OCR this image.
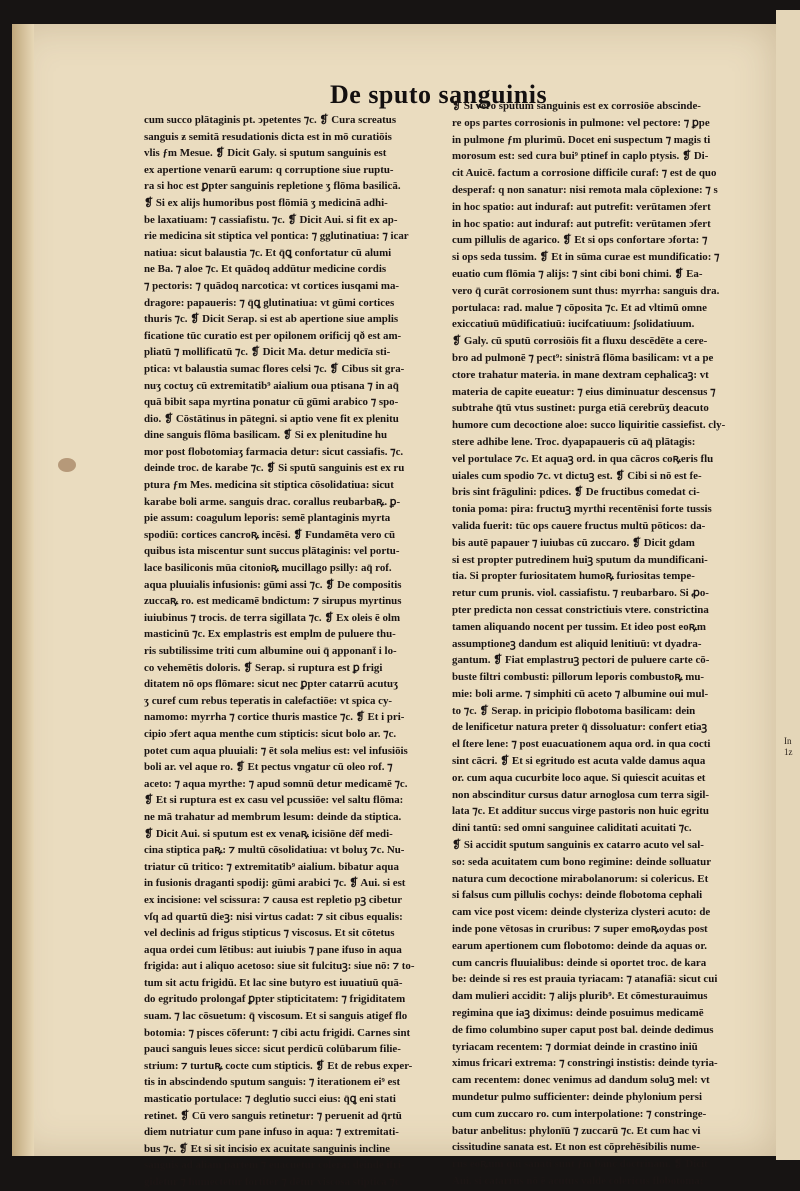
In 1z
De sputo sanguinis
cum succo plātaginis pt. ↄpetentes ⁊c. ❡ Cura screatus
sanguis ƶ semitā resudationis dicta est in mō curatiōis
vlis ƒm Mesue. ❡ Dicit Galy. si sputum sanguinis est
ex apertione venarū earum: q corruptione siue ruptu-
ra si hoc est ꝑpter sanguinis repletione ʒ flōma basilicā.
❡ Si ex alijs humoribus post flōmiā ʒ medicinā adhi-
be laxatiuam: ⁊ cassiafistu. ⁊c. ❡ Dicit Aui. si fit ex ap-
rie medicina sit stiptica vel pontica: ⁊ gglutinatiua: ⁊ icar
natiua: sicut balaustia ⁊c. Et q̄ꝗ confortatur cū alumi
ne Ba. ⁊ aloe ⁊c. Et quādoq addūtur medicine cordis
⁊ pectoris: ⁊ quādoq narcotica: vt cortices iusqami ma-
dragore: papaueris: ⁊ q̄ꝗ glutinatiua: vt gūmi cortices
thuris ⁊c. ❡ Dicit Serap. si est ab apertione siue amplis
ficatione tūc curatio est per opilonem orificij qð est am-
pliatū ⁊ mollificatū ⁊c. ❡ Dicit Ma. detur medicīa sti-
ptica: vt balaustia sumac flores celsi ⁊c. ❡ Cibus sit gra-
nuʒ coctuʒ cū extremitatib⁹ aialium oua ptisana ⁊ in aq̄
quā bibit sapa myrtina ponatur cū gūmi arabico ⁊ spo-
dio. ❡ Cōstātinus in pātegni. si aptio vene fit ex plenitu
dine sanguis flōma basilicam. ❡ Si ex plenitudine hu
mor post flobotomiaʒ farmacia detur: sicut cassiafis. ⁊c.
deinde troc. de karabe ⁊c. ❡ Si sputū sanguinis est ex ru
ptura ƒm Mes. medicina sit stiptica cōsolidatiua: sicut
karabe boli arme. sanguis drac. corallus reubarbaꝶ. ꝑ-
pie assum: coagulum leporis: semē plantaginis myrta
spodiū: cortices cancroꝶ incēsi. ❡ Fundamēta vero cū
quibus ista miscentur sunt succus plātaginis: vel portu-
lace basiliconis mūa citonioꝶ mucillago psilly: aq̄ rof.
aqua pluuialis infusionis: gūmi assi ⁊c. ❡ De compositis
zuccaꝶ ro. est medicamē bndictum: ⁊ sirupus myrtinus
iuiubinus ⁊ trocis. de terra sigillata ⁊c. ❡ Ex oleis ē olm
masticinū ⁊c. Ex emplastris est emplm de puluere thu-
ris subtilissime triti cum albumine oui q̄ apponant̄ i lo-
co vehemētis doloris. ❡ Serap. si ruptura est ꝑ frigi
ditatem nō ops flōmare: sicut nec ꝑpter catarrū acutuʒ
ʒ curef cum rebus teperatis in calefactiōe: vt spica cy-
namomo: myrrha ⁊ cortice thuris mastice ⁊c. ❡ Et i pri-
cipio ↄfert aqua menthe cum stipticis: sicut bolo ar. ⁊c.
potet cum aqua pluuiali: ⁊ ēt sola melius est: vel infusiōis
boli ar. vel aque ro. ❡ Et pectus vngatur cū oleo rof. ⁊
aceto: ⁊ aqua myrthe: ⁊ apud somnū detur medicamē ⁊c.
❡ Et si ruptura est ex casu vel pcussiōe: vel saltu flōma:
ne mā trahatur ad membrum lesum: deinde da stiptica.
❡ Dicit Aui. si sputum est ex venaꝶ icisiōne dēf medi-
cina stiptica paꝶ: ⁊ multū cōsolidatiua: vt boluʒ ⁊c. Nu-
triatur cū tritico: ⁊ extremitatib⁹ aialium. bibatur aqua
in fusionis draganti spodij: gūmi arabici ⁊c. ❡ Aui. si est
ex incisione: vel scissura: ⁊ causa est repletio pꝫ cibetur
vſq ad quartū dieꝫ: nisi virtus cadat: ⁊ sit cibus equalis:
vel declinis ad frigus stipticus ⁊ viscosus. Et sit cōtetus
aqua ordei cum lētibus: aut iuiubis ⁊ pane ifuso in aqua
frigida: aut i aliquo acetoso: siue sit fulcituꝫ: siue nō: ⁊ to-
tum sit actu frigidū. Et lac sine butyro est iuuatiuū quā-
do egritudo prolongaf ꝑpter stipticitatem: ⁊ frigiditatem
suam. ⁊ lac cōsuetum: q̄ viscosum. Et si sanguis atigef flo
botomia: ⁊ pisces cōferunt: ⁊ cibi actu frigidi. Carnes sint
pauci sanguis leues sicce: sicut perdicū colūbarum filie-
strium: ⁊ turtuꝶ cocte cum stipticis. ❡ Et de rebus exper-
tis in abscindendo sputum sanguis: ⁊ iterationem ei⁹ est
masticatio portulace: ⁊ deglutio succi eius: q̄ꝗ eni stati
retinet. ❡ Cū vero sanguis retinetur: ⁊ peruenit ad q̄rtū
diem nutriatur cum pane infuso in aqua: ⁊ extremitati-
bus ⁊c. ❡ Et si sit incisio ex acuitate sanguinis incline
sanguis ad aliam partem ⁊ euacuetur colera: deinde ifri-
gidetur ⁊ humectetur fortiter ⁊ dētur viscosa stiptica ⁊c.
❡ Si vero sputum sanguinis est ex corrosiōe abscinde-
re ops partes corrosionis in pulmone: vel pectore: ⁊ ꝑpe
in pulmone ƒm plurimū. Docet eni suspectum ⁊ magis ti
morosum est: sed cura bui⁹ ptinef in caplo ptysis. ❡ Di-
cit Auicē. factum a corrosione difficile curaf: ⁊ est de quo
desperaf: q non sanatur: nisi remota mala cōplexione: ⁊ s
in hoc spatio: aut induraf: aut putrefit: verūtamen ↄfert
in hoc spatio: aut induraf: aut putrefit: verūtamen ↄfert
cum pillulis de agarico. ❡ Et si ops confortare ↄforta: ⁊
si ops seda tussim. ❡ Et in sūma curae est mundificatio: ⁊
euatio cum flōmia ⁊ alijs: ⁊ sint cibi boni chimi. ❡ Ea-
vero q̄ curāt corrosionem sunt thus: myrrha: sanguis dra.
portulaca: rad. malue ⁊ cōposita ⁊c. Et ad vltimū omne
exiccatiuū mūdificatiuū: iucifcatiuum: ʃsolidatiuum.
❡ Galy. cū sputū corrosiōis fit a fluxu descēdēte a cere-
bro ad pulmonē ⁊ pect⁹: sinistrā flōma basilicam: vt a pe
ctore trahatur materia. in mane dextram cephalicaꝫ: vt
materia de capite eueatur: ⁊ eius diminuatur descensus ⁊
subtrahe q̄tū vtus sustinet: purga etiā cerebrūʒ deacuto
humore cum decoctione aloe: succo liquiritie cassiefist. cly-
stere adhibe lene. Troc. dyapapaueris cū aq̄ plātagis:
vel portulace ⁊c. Et aquaꝫ ord. in qua cācros coꝶeris flu
uiales cum spodio ⁊c. vt dictuꝫ est. ❡ Cibi si nō est fe-
bris sint frāgulini: pdices. ❡ De fructibus comedat ci-
tonia poma: pira: fructuꝫ myrthi recentēnisi forte tussis
valida fuerit: tūc ops cauere fructus multū pōticos: da-
bis autē papauer ⁊ iuiubas cū zuccaro. ❡ Dicit gdam
si est propter putredinem huiꝫ sputum da mundificani-
tia. Si propter furiositatem humoꝶ furiositas tempe-
retur cum prunis. viol. cassiafistu. ⁊ reubarbaro. Si ꝓo-
pter predicta non cessat constrictiuis vtere. constrictina
tamen aliquando nocent per tussim. Et ideo post eoꝶm
assumptioneꝫ dandum est aliquid lenitiuū: vt dyadra-
gantum. ❡ Fiat emplastruꝫ pectori de puluere carte cō-
buste filtri combusti: pillorum leporis combustoꝶ mu-
mie: boli arme. ⁊ simphiti cū aceto ⁊ albumine oui mul-
to ⁊c. ❡ Serap. in pricipio flobotoma basilicam: dein
de lenificetur natura preter q̄ dissoluatur: confert etiaꝫ
el ſtere lene: ⁊ post euacuationem aqua ord. in qua cocti
sint cācri. ❡ Et si egritudo est acuta valde damus aqua
or. cum aqua cucurbite loco aque. Si quiescit acuitas et
non abscinditur cursus datur arnoglosa cum terra sigil-
lata ⁊c. Et additur succus virge pastoris non huic egritu
dini tantū: sed omni sanguinee caliditati acuitati ⁊c.
❡ Si accidit sputum sanguinis ex catarro acuto vel sal-
so: seda acuitatem cum bono regimine: deinde solluatur
natura cum decoctione mirabolanorum: si colericus. Et
si falsus cum pillulis cochys: deinde flobotoma cephali
cam vice post vicem: deinde clysteriza clysteri acuto: de
inde pone vētosas in cruribus: ⁊ super emoꝶoydas post
earum apertionem cum flobotomo: deinde da aquas or.
cum cancris fluuialibus: deinde si oportet troc. de kara
be: deinde si res est prauia tyriacam: ⁊ atanafiā: sicut cui
dam mulieri accidit: ⁊ alijs plurib⁹. Et cōmesturauimus
regimina que iaꝫ diximus: deinde posuimus medicamē
de fimo columbino super caput post bal. deinde dedimus
tyriacam recentem: ⁊ dormiat deinde in crastino iniū
ximus fricari extrema: ⁊ constringi instistis: deinde tyria-
cam recentem: donec venimus ad dandum soluꝫ mel: vt
mundetur pulmo sufficienter: deinde phylonium persi
cum cum zuccaro ro. cum interpolatione: ⁊ constringe-
batur anbelitus: phylonīū ⁊ zuccarū ⁊c. Et cum hac vi
cissitudine sanata est. Et non est cōprehēsibilis nume-
rus eoꝶum qui sanati sunt ƒm banc doctrinam. ❡ Dicit
Aui. si catarrus nō ē acutus valde colericus flobotoma:
